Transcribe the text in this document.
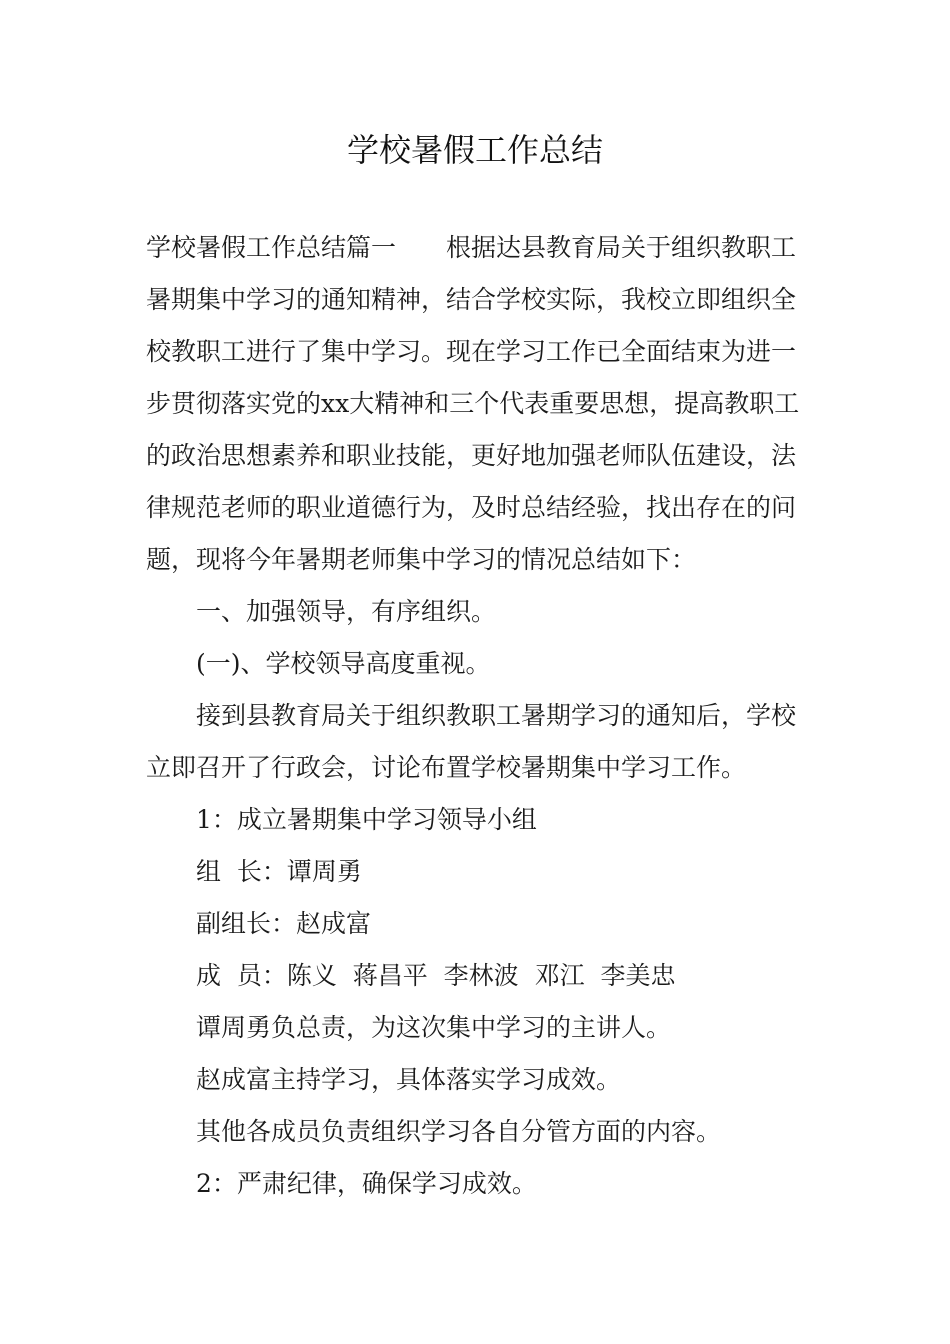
学校暑假工作总结

学校暑假工作总结篇一 根据达县教育局关于组织教职工暑期集中学习的通知精神，结合学校实际，我校立即组织全校教职工进行了集中学习。现在学习工作已全面结束为进一步贯彻落实党的xx大精神和三个代表重要思想，提高教职工的政治思想素养和职业技能，更好地加强老师队伍建设，法律规范老师的职业道德行为，及时总结经验，找出存在的问题，现将今年暑期老师集中学习的情况总结如下：

一、加强领导，有序组织。

(一)、学校领导高度重视。

接到县教育局关于组织教职工暑期学习的通知后，学校立即召开了行政会，讨论布置学校暑期集中学习工作。

1：成立暑期集中学习领导小组

组  长：谭周勇

副组长：赵成富

成  员：陈义  蒋昌平  李林波  邓江  李美忠

谭周勇负总责，为这次集中学习的主讲人。

赵成富主持学习，具体落实学习成效。

其他各成员负责组织学习各自分管方面的内容。

2：严肃纪律，确保学习成效。
